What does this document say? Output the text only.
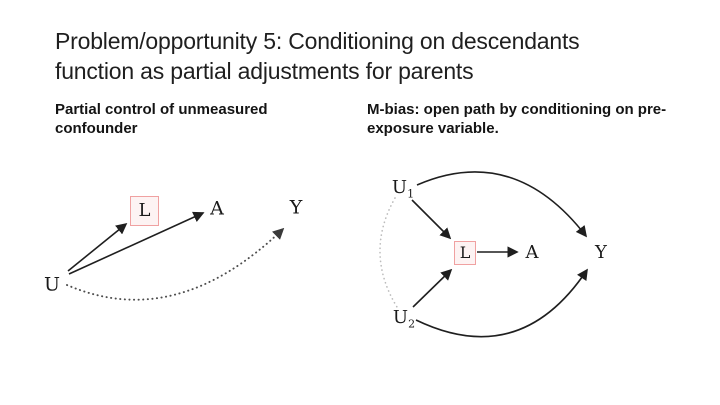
Problem/opportunity 5: Conditioning on descendants
function as partial adjustments for parents
Partial control of unmeasured confounder
M-bias: open path by conditioning on pre-exposure variable.
U
L	A	Y
$U_1$
$U_2$
L	A	Y
